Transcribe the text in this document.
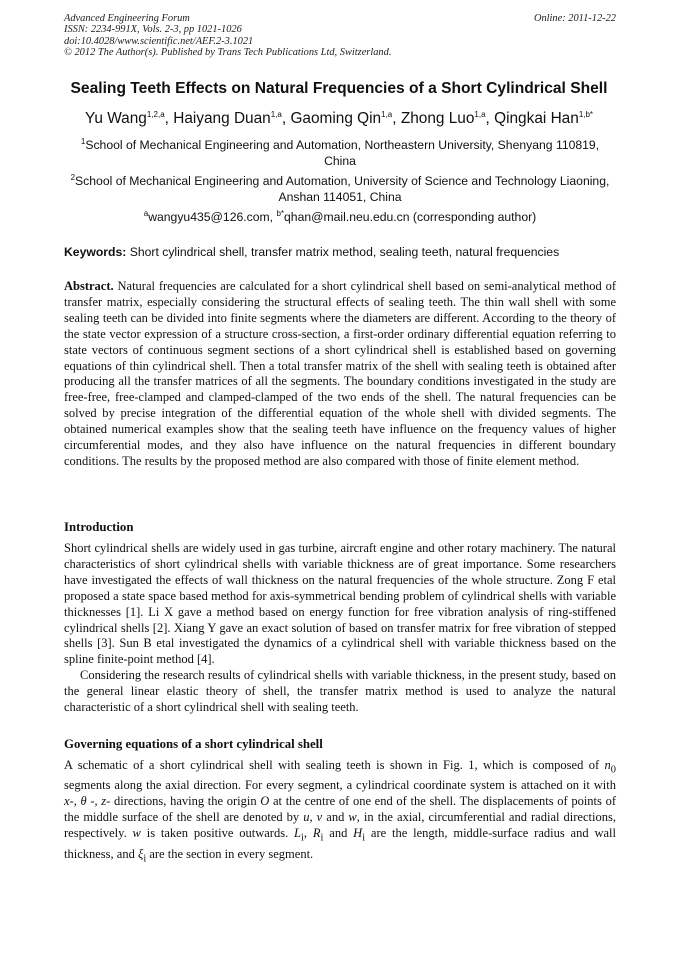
Advanced Engineering Forum
ISSN: 2234-991X, Vols. 2-3, pp 1021-1026
doi:10.4028/www.scientific.net/AEF.2-3.1021
© 2012 The Author(s). Published by Trans Tech Publications Ltd, Switzerland.
Online: 2011-12-22
Sealing Teeth Effects on Natural Frequencies of a Short Cylindrical Shell
Yu Wang$^{1,2,a}$, Haiyang Duan$^{1,a}$, Gaoming Qin$^{1,a}$, Zhong Luo$^{1,a}$, Qingkai Han$^{1,b*}$
$^1$School of Mechanical Engineering and Automation, Northeastern University, Shenyang 110819, China
$^2$School of Mechanical Engineering and Automation, University of Science and Technology Liaoning, Anshan 114051, China
$^a$wangyu435@126.com, $^{b*}$qhan@mail.neu.edu.cn (corresponding author)
Keywords: Short cylindrical shell, transfer matrix method, sealing teeth, natural frequencies
Abstract. Natural frequencies are calculated for a short cylindrical shell based on semi-analytical method of transfer matrix, especially considering the structural effects of sealing teeth. The thin wall shell with some sealing teeth can be divided into finite segments where the diameters are different. According to the theory of the state vector expression of a structure cross-section, a first-order ordinary differential equation referring to state vectors of continuous segment sections of a short cylindrical shell is established based on governing equations of thin cylindrical shell. Then a total transfer matrix of the shell with sealing teeth is obtained after producing all the transfer matrices of all the segments. The boundary conditions investigated in the study are free-free, free-clamped and clamped-clamped of the two ends of the shell. The natural frequencies can be solved by precise integration of the differential equation of the whole shell with divided segments. The obtained numerical examples show that the sealing teeth have influence on the frequency values of higher circumferential modes, and they also have influence on the natural frequencies in different boundary conditions. The results by the proposed method are also compared with those of finite element method.
Introduction
Short cylindrical shells are widely used in gas turbine, aircraft engine and other rotary machinery. The natural characteristics of short cylindrical shells with variable thickness are of great importance. Some researchers have investigated the effects of wall thickness on the natural frequencies of the whole structure. Zong F etal proposed a state space based method for axis-symmetrical bending problem of cylindrical shells with variable thicknesses [1]. Li X gave a method based on energy function for free vibration analysis of ring-stiffened cylindrical shells [2]. Xiang Y gave an exact solution of based on transfer matrix for free vibration of stepped shells [3]. Sun B etal investigated the dynamics of a cylindrical shell with variable thickness based on the spline finite-point method [4].
Considering the research results of cylindrical shells with variable thickness, in the present study, based on the general linear elastic theory of shell, the transfer matrix method is used to analyze the natural characteristic of a short cylindrical shell with sealing teeth.
Governing equations of a short cylindrical shell
A schematic of a short cylindrical shell with sealing teeth is shown in Fig. 1, which is composed of $n_0$ segments along the axial direction. For every segment, a cylindrical coordinate system is attached on it with x-, θ -, z- directions, having the origin O at the centre of one end of the shell. The displacements of points of the middle surface of the shell are denoted by u, v and w, in the axial, circumferential and radial directions, respectively. w is taken positive outwards. $L_i$, $R_i$ and $H_i$ are the length, middle-surface radius and wall thickness, and $\xi_i$ are the section in every segment.
